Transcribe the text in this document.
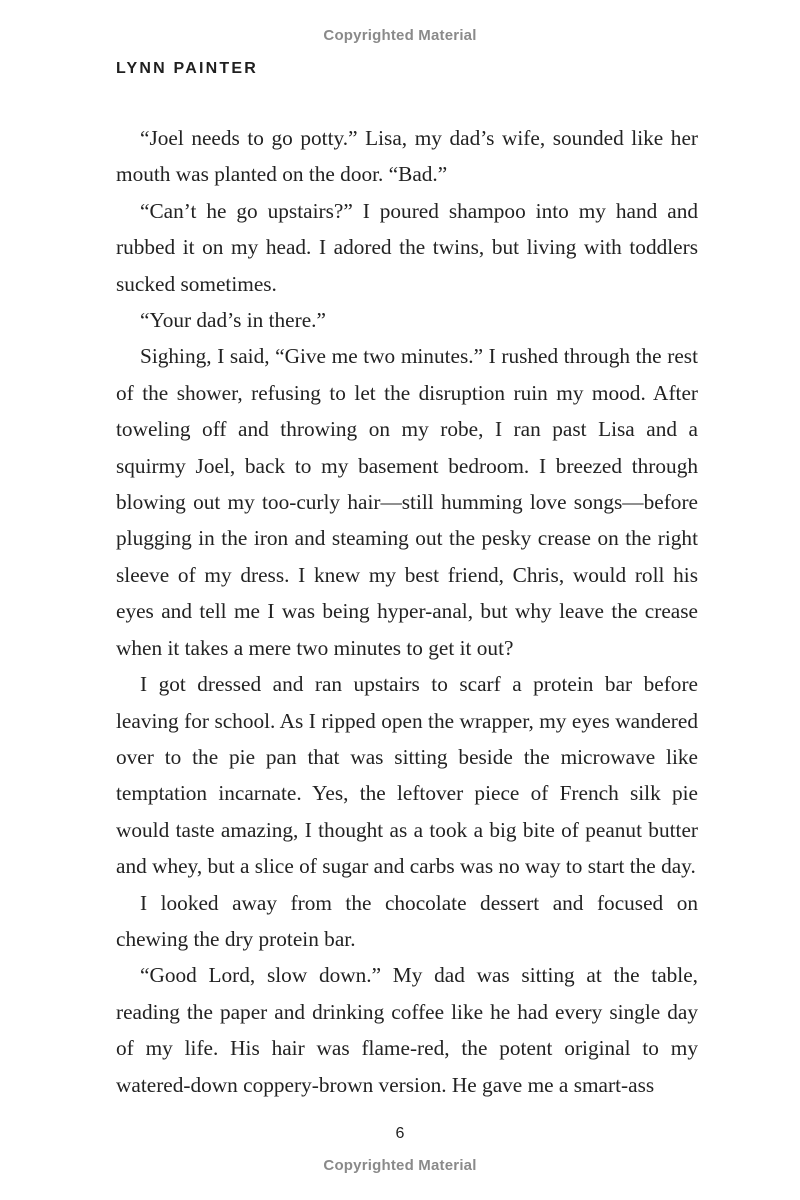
Copyrighted Material
LYNN PAINTER

“Joel needs to go potty.” Lisa, my dad’s wife, sounded like her mouth was planted on the door. “Bad.”

“Can’t he go upstairs?” I poured shampoo into my hand and rubbed it on my head. I adored the twins, but living with toddlers sucked sometimes.

“Your dad’s in there.”

Sighing, I said, “Give me two minutes.” I rushed through the rest of the shower, refusing to let the disruption ruin my mood. After toweling off and throwing on my robe, I ran past Lisa and a squirmy Joel, back to my basement bedroom. I breezed through blowing out my too-curly hair—still humming love songs—before plugging in the iron and steaming out the pesky crease on the right sleeve of my dress. I knew my best friend, Chris, would roll his eyes and tell me I was being hyper-anal, but why leave the crease when it takes a mere two minutes to get it out?

I got dressed and ran upstairs to scarf a protein bar before leaving for school. As I ripped open the wrapper, my eyes wandered over to the pie pan that was sitting beside the microwave like temptation incarnate. Yes, the leftover piece of French silk pie would taste amazing, I thought as a took a big bite of peanut butter and whey, but a slice of sugar and carbs was no way to start the day.

I looked away from the chocolate dessert and focused on chewing the dry protein bar.

“Good Lord, slow down.” My dad was sitting at the table, reading the paper and drinking coffee like he had every single day of my life. His hair was flame-red, the potent original to my watered-down coppery-brown version. He gave me a smart-ass

6
Copyrighted Material
